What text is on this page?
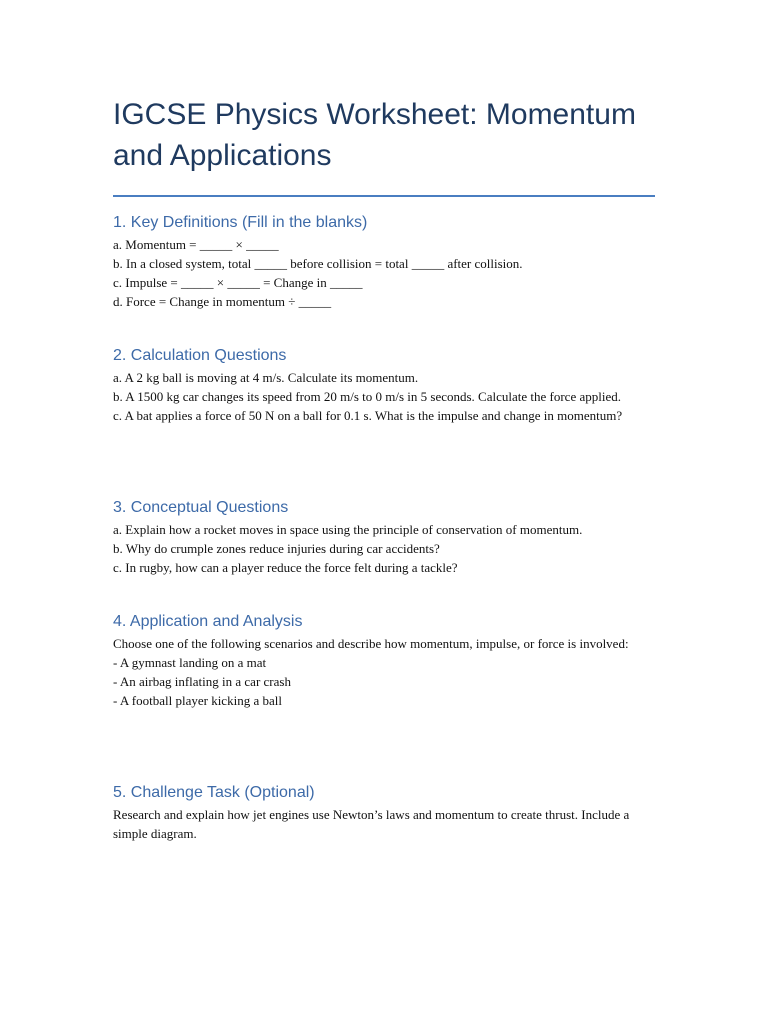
IGCSE Physics Worksheet: Momentum and Applications
1. Key Definitions (Fill in the blanks)

a. Momentum = _____ × _____

b. In a closed system, total _____ before collision = total _____ after collision.

c. Impulse = _____ × _____ = Change in _____

d. Force = Change in momentum ÷ _____

2. Calculation Questions

a. A 2 kg ball is moving at 4 m/s. Calculate its momentum.

b. A 1500 kg car changes its speed from 20 m/s to 0 m/s in 5 seconds. Calculate the force applied.

c. A bat applies a force of 50 N on a ball for 0.1 s. What is the impulse and change in momentum?

3. Conceptual Questions

a. Explain how a rocket moves in space using the principle of conservation of momentum.

b. Why do crumple zones reduce injuries during car accidents?

c. In rugby, how can a player reduce the force felt during a tackle?

4. Application and Analysis

Choose one of the following scenarios and describe how momentum, impulse, or force is involved:

- A gymnast landing on a mat

- An airbag inflating in a car crash

- A football player kicking a ball

5. Challenge Task (Optional)

Research and explain how jet engines use Newton’s laws and momentum to create thrust. Include a simple diagram.
